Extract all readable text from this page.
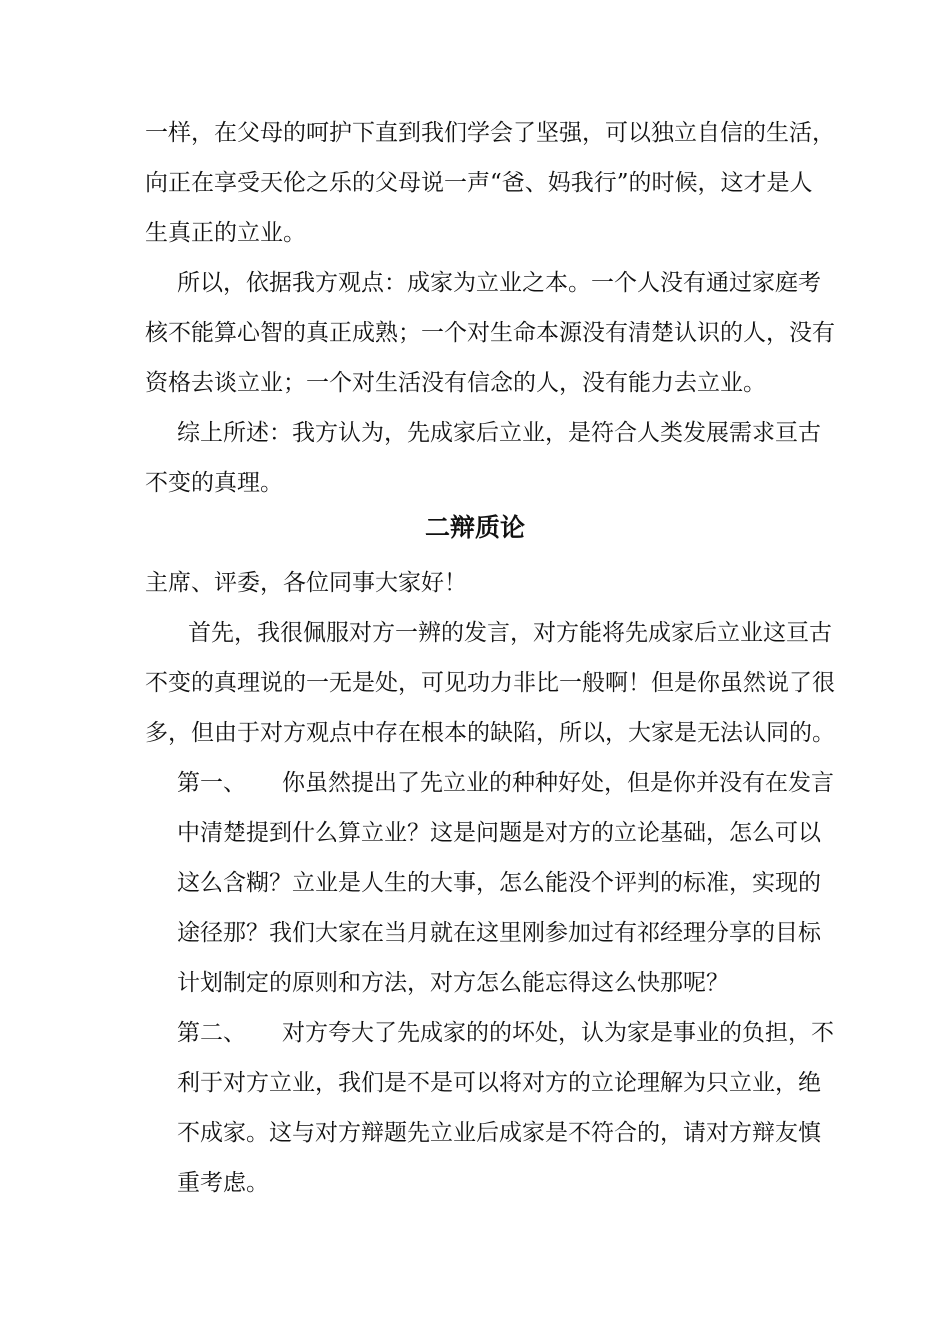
一样，在父母的呵护下直到我们学会了坚强，可以独立自信的生活，
向正在享受天伦之乐的父母说一声“爸、妈我行”的时候，这才是人
生真正的立业。
所以，依据我方观点：成家为立业之本。一个人没有通过家庭考
核不能算心智的真正成熟；一个对生命本源没有清楚认识的人，没有
资格去谈立业；一个对生活没有信念的人，没有能力去立业。
综上所述：我方认为，先成家后立业，是符合人类发展需求亘古
不变的真理。
二辩质论
主席、评委，各位同事大家好！
首先，我很佩服对方一辨的发言，对方能将先成家后立业这亘古
不变的真理说的一无是处，可见功力非比一般啊！但是你虽然说了很
多，但由于对方观点中存在根本的缺陷，所以，大家是无法认同的。
第一、 你虽然提出了先立业的种种好处，但是你并没有在发言
中清楚提到什么算立业？这是问题是对方的立论基础，怎么可以
这么含糊？立业是人生的大事，怎么能没个评判的标准，实现的
途径那？我们大家在当月就在这里刚参加过有祁经理分享的目标
计划制定的原则和方法，对方怎么能忘得这么快那呢？
第二、 对方夸大了先成家的的坏处，认为家是事业的负担，不
利于对方立业，我们是不是可以将对方的立论理解为只立业，绝
不成家。这与对方辩题先立业后成家是不符合的，请对方辩友慎
重考虑。
